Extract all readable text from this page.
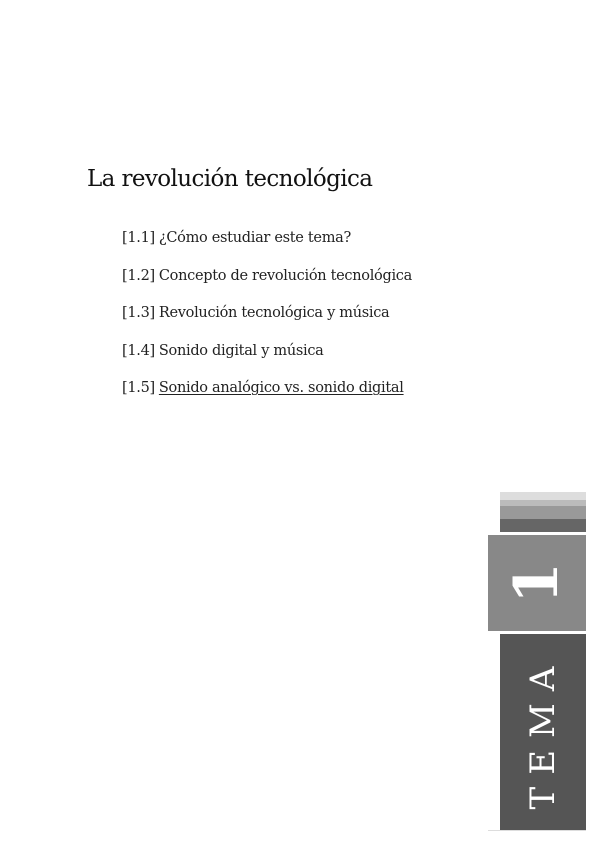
La revolución tecnológica
[1.1] ¿Cómo estudiar este tema?
[1.2] Concepto de revolución tecnológica
[1.3] Revolución tecnológica y música
[1.4] Sonido digital y música
[1.5] Sonido analógico vs. sonido digital
1
TEMA
